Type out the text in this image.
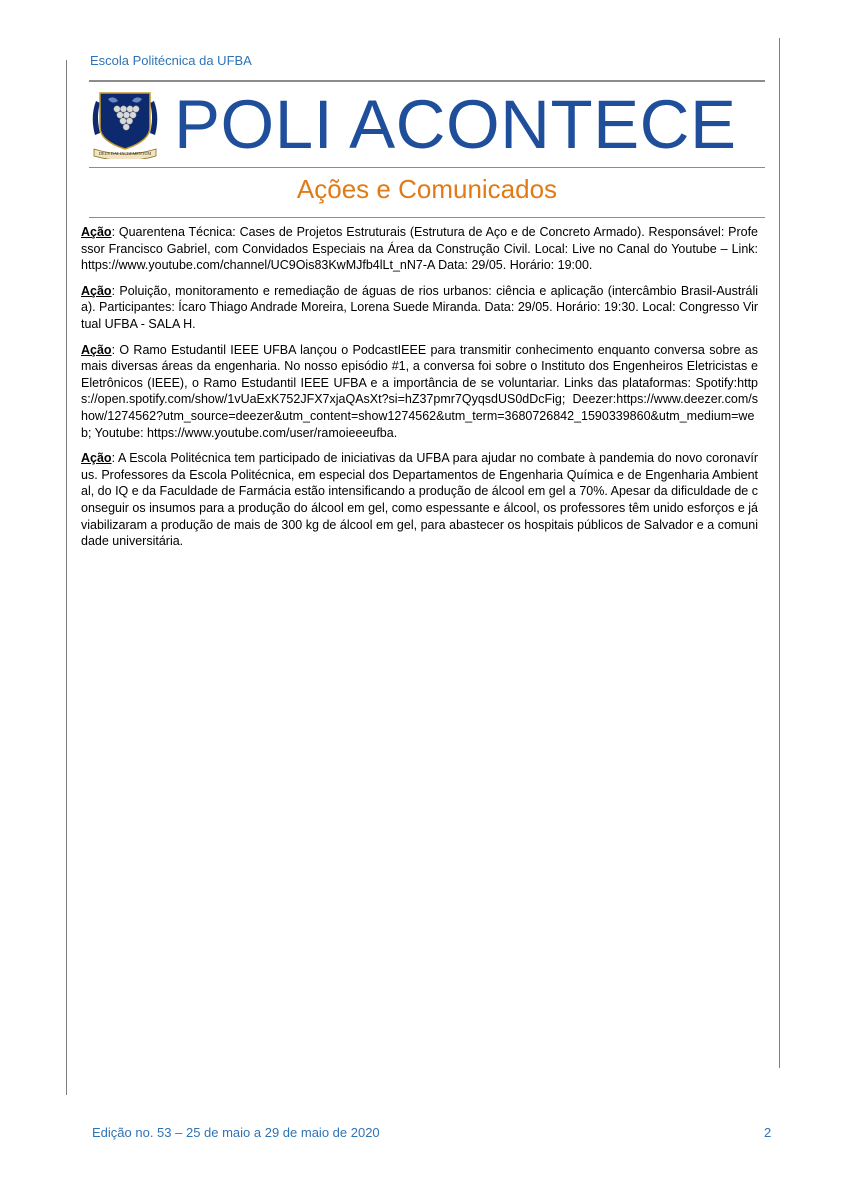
Escola Politécnica da UFBA
DEUS DAT INCREMENTUM POLI ACONTECE
Ações e Comunicados

Ação: Quarentena Técnica: Cases de Projetos Estruturais (Estrutura de Aço e de Concreto Armado). Responsável: Professor Francisco Gabriel, com Convidados Especiais na Área da Construção Civil. Local: Live no Canal do Youtube – Link: https://www.youtube.com/channel/UC9Ois83KwMJfb4lLt_nN7-A Data: 29/05. Horário: 19:00.

Ação: Poluição, monitoramento e remediação de águas de rios urbanos: ciência e aplicação (intercâmbio Brasil-Austrália). Participantes: Ícaro Thiago Andrade Moreira, Lorena Suede Miranda. Data: 29/05. Horário: 19:30. Local: Congresso Virtual UFBA - SALA H.

Ação: O Ramo Estudantil IEEE UFBA lançou o PodcastIEEE para transmitir conhecimento enquanto conversa sobre as mais diversas áreas da engenharia. No nosso episódio #1, a conversa foi sobre o Instituto dos Engenheiros Eletricistas e Eletrônicos (IEEE), o Ramo Estudantil IEEE UFBA e a importância de se voluntariar. Links das plataformas: Spotify:https://open.spotify.com/show/1vUaExK752JFX7xjaQAsXt?si=hZ37pmr7QyqsdUS0dDcFig; Deezer:https://www.deezer.com/show/1274562?utm_source=deezer&utm_content=show1274562&utm_term=3680726842_1590339860&utm_medium=web; Youtube: https://www.youtube.com/user/ramoieeeufba.

Ação: A Escola Politécnica tem participado de iniciativas da UFBA para ajudar no combate à pandemia do novo coronavírus. Professores da Escola Politécnica, em especial dos Departamentos de Engenharia Química e de Engenharia Ambiental, do IQ e da Faculdade de Farmácia estão intensificando a produção de álcool em gel a 70%. Apesar da dificuldade de conseguir os insumos para a produção do álcool em gel, como espessante e álcool, os professores têm unido esforços e já viabilizaram a produção de mais de 300 kg de álcool em gel, para abastecer os hospitais públicos de Salvador e a comunidade universitária.

Edição no. 53 – 25 de maio a 29 de maio de 2020	2
